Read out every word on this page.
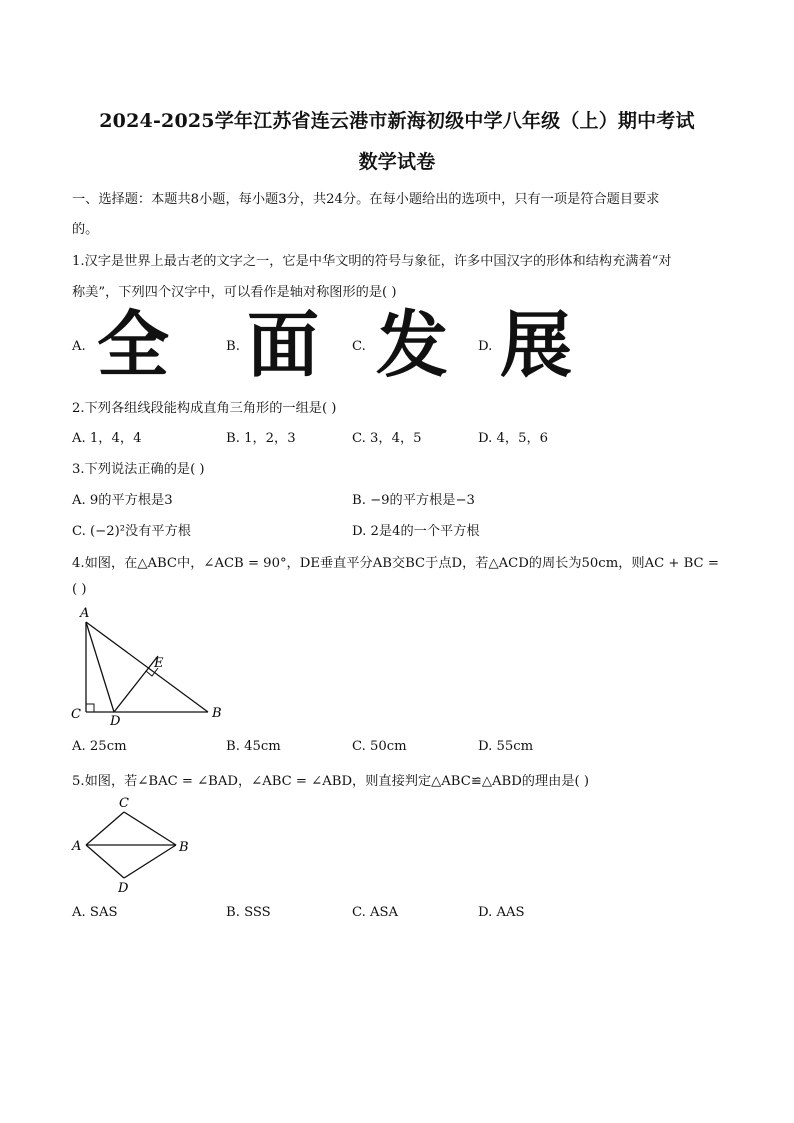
2024-2025学年江苏省连云港市新海初级中学八年级（上）期中考试
数学试卷
一、选择题：本题共8小题，每小题3分，共24分。在每小题给出的选项中，只有一项是符合题目要求
的。
1.汉字是世界上最古老的文字之一，它是中华文明的符号与象征，许多中国汉字的形体和结构充满着“对
称美”，下列四个汉字中，可以看作是轴对称图形的是( )
A. 全	B. 面 C. 发 D. 展
2.下列各组线段能构成直角三角形的一组是( )
A. 1，4，4	B. 1，2，3	C. 3，4，5	D. 4，5，6
3.下列说法正确的是( )
A. 9的平方根是3	B. −9的平方根是−3
C. (−2)²没有平方根	D. 2是4的一个平方根
4.如图，在△ABC中，∠ACB = 90°，DE垂直平分AB交BC于点D，若△ACD的周长为50cm，则AC + BC =
( )
A
C D
B
E
A. 25cm	B. 45cm	C. 50cm	D. 55cm
5.如图，若∠BAC = ∠BAD，∠ABC = ∠ABD，则直接判定△ABC≌△ABD的理由是( )
C
A	B
D
A. SAS	B. SSS	C. ASA	D. AAS
